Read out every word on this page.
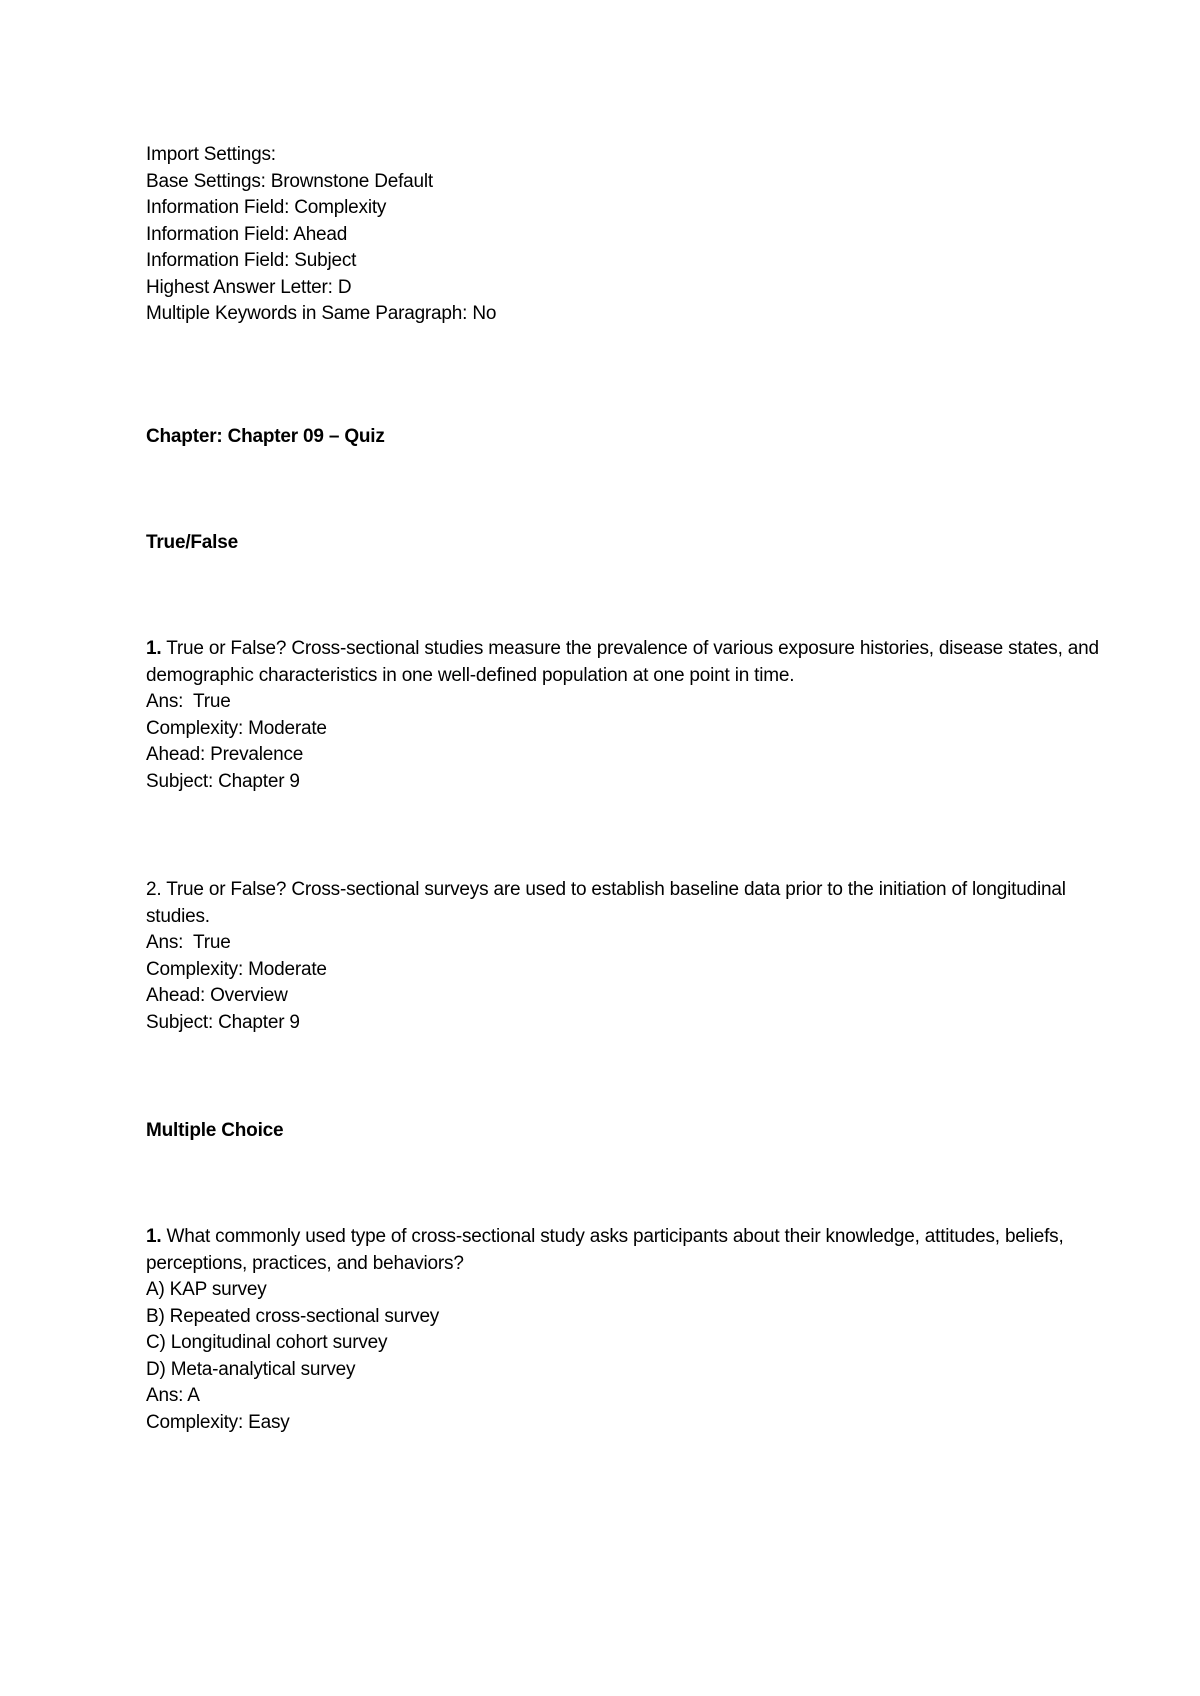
Import Settings:
Base Settings: Brownstone Default
Information Field: Complexity
Information Field: Ahead
Information Field: Subject
Highest Answer Letter: D
Multiple Keywords in Same Paragraph: No
Chapter: Chapter 09 – Quiz
True/False
1. True or False? Cross-sectional studies measure the prevalence of various exposure histories, disease states, and demographic characteristics in one well-defined population at one point in time.
Ans:  True
Complexity: Moderate
Ahead: Prevalence
Subject: Chapter 9
2. True or False? Cross-sectional surveys are used to establish baseline data prior to the initiation of longitudinal studies.
Ans:  True
Complexity: Moderate
Ahead: Overview
Subject: Chapter 9
Multiple Choice
1. What commonly used type of cross-sectional study asks participants about their knowledge, attitudes, beliefs, perceptions, practices, and behaviors?
A) KAP survey
B) Repeated cross-sectional survey
C) Longitudinal cohort survey
D) Meta-analytical survey
Ans: A
Complexity: Easy
